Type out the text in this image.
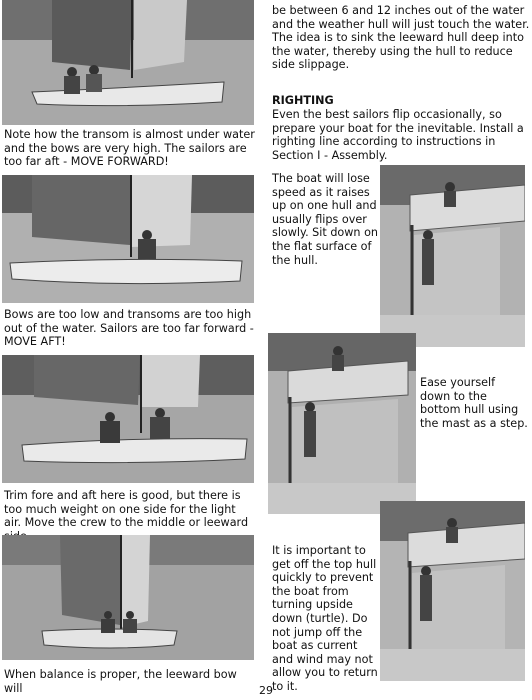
Note how the transom is almost under water and the bows are very high. The sailors are too far aft - MOVE FORWARD!
Bows are too low and transoms are too high out of the water. Sailors are too far forward - MOVE AFT!
Trim fore and aft here is good, but there is too much weight on one side for the light air. Move the crew to the middle or leeward
When balance is proper, the leeward bow will
be between 6 and 12 inches out of the water and the weather hull will just touch the water. The idea is to sink the leeward hull deep into the water, thereby using the hull to reduce side slippage.
RIGHTING
Even the best sailors flip occasionally, so prepare your boat for the inevitable. Install a righting line according to instructions in Section I - Assembly.
The boat will lose speed as it raises up on one hull and usually flips over slowly. Sit down on the flat surface of the hull.
Ease yourself down to the bottom hull using the mast as a step.
It is important to get off the top hull quickly to prevent the boat from turning upside down (turtle). Do not jump off the boat as current and wind may not allow you to return to it.
29
